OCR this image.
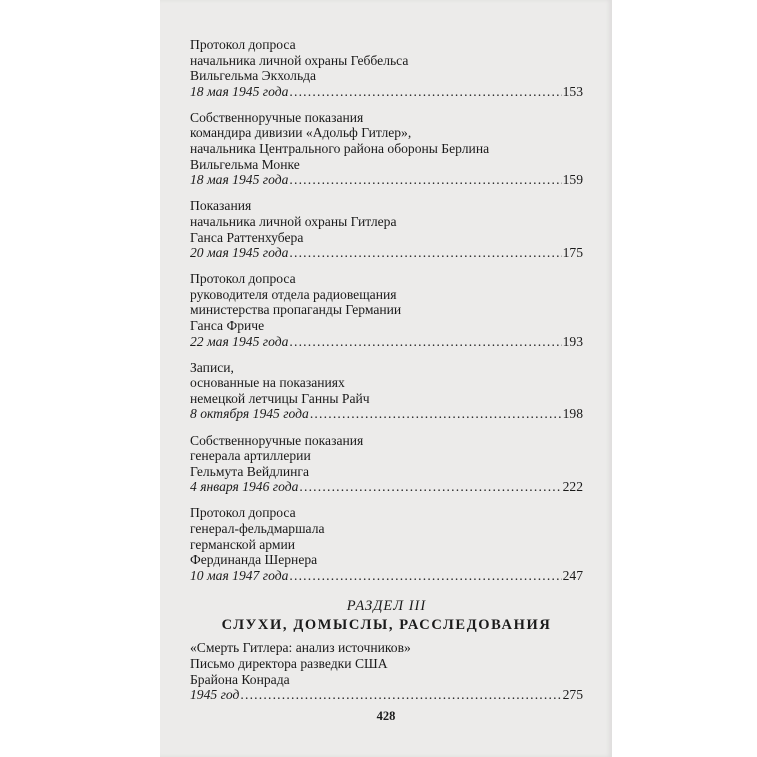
Протокол допроса
начальника личной охраны Геббельса
Вильгельма Экхольда
18 мая 1945 года .....	153
Собственноручные показания
командира дивизии «Адольф Гитлер»,
начальника Центрального района обороны Берлина
Вильгельма Монке
18 мая 1945 года .....	159
Показания
начальника личной охраны Гитлера
Ганса Раттенхубера
20 мая 1945 года .....	175
Протокол допроса
руководителя отдела радиовещания
министерства пропаганды Германии
Ганса Фриче
22 мая 1945 года .....	193
Записи,
основанные на показаниях
немецкой летчицы Ганны Райч
8 октября 1945 года .....	198
Собственноручные показания
генерала артиллерии
Гельмута Вейдлинга
4 января 1946 года .....	222
Протокол допроса
генерал-фельдмаршала
германской армии
Фердинанда Шернера
10 мая 1947 года .....	247
РАЗДЕЛ III
СЛУХИ, ДОМЫСЛЫ, РАССЛЕДОВАНИЯ
«Смерть Гитлера: анализ источников»
Письмо директора разведки США
Брайона Конрада
1945 год .....	275
428
